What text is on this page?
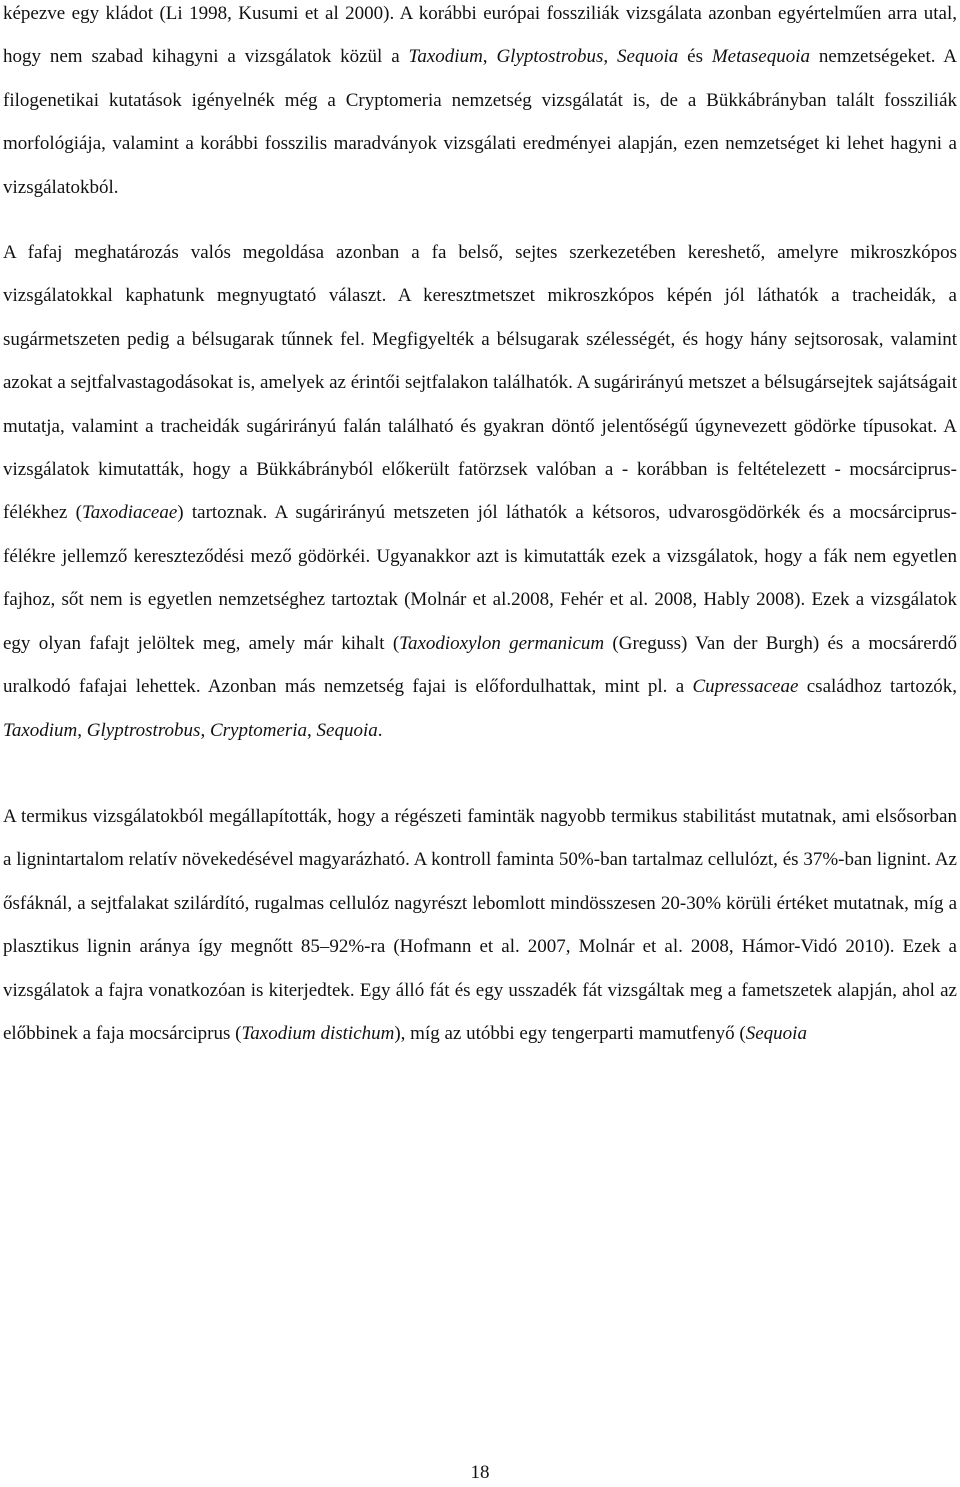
képezve egy kládot (Li 1998, Kusumi et al 2000). A korábbi európai fossziliák vizsgálata azonban egyértelműen arra utal, hogy nem szabad kihagyni a vizsgálatok közül a Taxodium, Glyptostrobus, Sequoia és Metasequoia nemzetségeket. A filogenetikai kutatások igényelnék még a Cryptomeria nemzetség vizsgálatát is, de a Bükkábrányban talált fossziliák morfológiája, valamint a korábbi fosszilis maradványok vizsgálati eredményei alapján, ezen nemzetséget ki lehet hagyni a vizsgálatokból.

A fafaj meghatározás valós megoldása azonban a fa belső, sejtes szerkezetében kereshető, amelyre mikroszkópos vizsgálatokkal kaphatunk megnyugtató választ. A keresztmetszet mikroszkópos képén jól láthatók a tracheidák, a sugármetszeten pedig a bélsugarak tűnnek fel. Megfigyelték a bélsugarak szélességét, és hogy hány sejtsorosak, valamint azokat a sejtfalvastagodásokat is, amelyek az érintői sejtfalakon találhatók. A sugárirányú metszet a bélsugársejtek sajátságait mutatja, valamint a tracheidák sugárirányú falán található és gyakran döntő jelentőségű úgynevezett gödörke típusokat. A vizsgálatok kimutatták, hogy a Bükkábrányból előkerült fatörzsek valóban a - korábban is feltételezett - mocsárciprus-félékhez (Taxodiaceae) tartoznak. A sugárirányú metszeten jól láthatók a kétsoros, udvarosgödörkék és a mocsárciprus-félékre jellemző kereszteződési mező gödörkéi. Ugyanakkor azt is kimutatták ezek a vizsgálatok, hogy a fák nem egyetlen fajhoz, sőt nem is egyetlen nemzetséghez tartoztak (Molnár et al.2008, Fehér et al. 2008, Hably 2008). Ezek a vizsgálatok egy olyan fafajt jelöltek meg, amely már kihalt (Taxodioxylon germanicum (Greguss) Van der Burgh) és a mocsárerdő uralkodó fafajai lehettek. Azonban más nemzetség fajai is előfordulhattak, mint pl. a Cupressaceae családhoz tartozók, Taxodium, Glyptrostrobus, Cryptomeria, Sequoia.

A termikus vizsgálatokból megállapították, hogy a régészeti famintäk nagyobb termikus stabilitást mutatnak, ami elsősorban a lignintartalom relatív növekedésével magyarázható. A kontroll faminta 50%-ban tartalmaz cellulózt, és 37%-ban lignint. Az ősfáknál, a sejtfalakat szilárdító, rugalmas cellulóz nagyrészt lebomlott mindösszesen 20-30% körüli értéket mutatnak, míg a plasztikus lignin aránya így megnőtt 85–92%-ra (Hofmann et al. 2007, Molnár et al. 2008, Hámor-Vidó 2010). Ezek a vizsgálatok a fajra vonatkozóan is kiterjedtek. Egy álló fát és egy usszadék fát vizsgáltak meg a fametszetek alapján, ahol az előbbinek a faja mocsárciprus (Taxodium distichum), míg az utóbbi egy tengerparti mamutfenyő (Sequoia

18
